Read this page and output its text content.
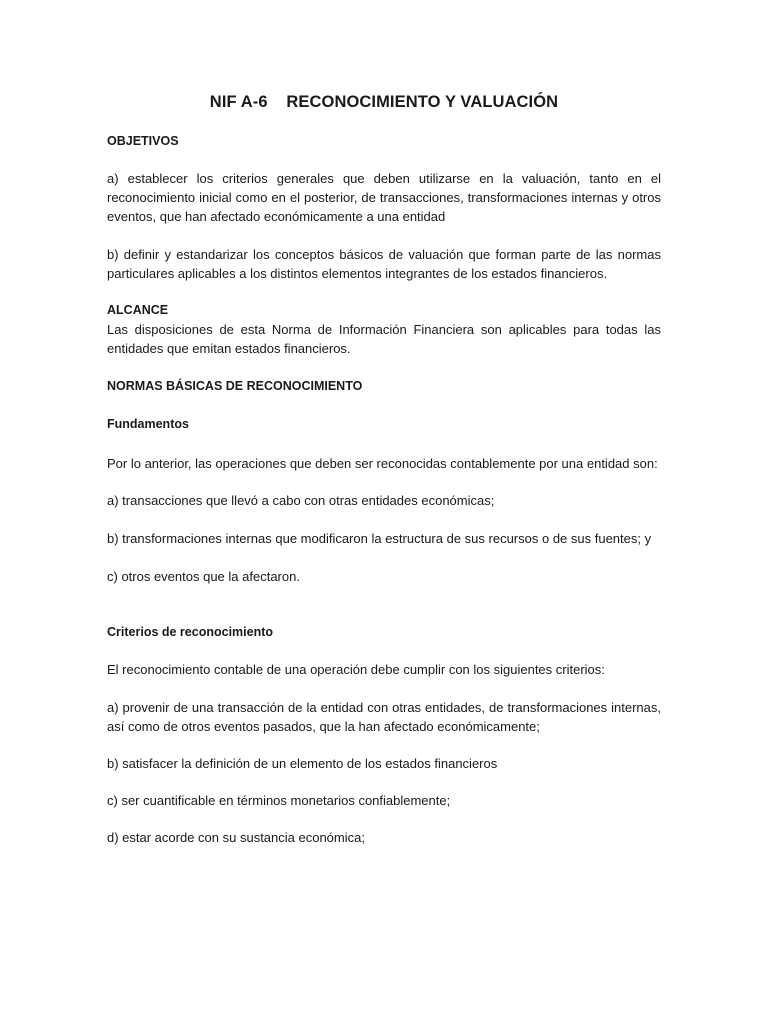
NIF A-6    RECONOCIMIENTO Y VALUACIÓN
OBJETIVOS
a) establecer los criterios generales que deben utilizarse en la valuación, tanto en el reconocimiento inicial como en el posterior, de transacciones, transformaciones internas y otros eventos, que han afectado económicamente a una entidad
b) definir y estandarizar los conceptos básicos de valuación que forman parte de las normas particulares aplicables a los distintos elementos integrantes de los estados financieros.
ALCANCE
Las disposiciones de esta Norma de Información Financiera son aplicables para todas las entidades que emitan estados financieros.
NORMAS BÁSICAS DE RECONOCIMIENTO
Fundamentos
Por lo anterior, las operaciones que deben ser reconocidas contablemente por una entidad son:
a) transacciones que llevó a cabo con otras entidades económicas;
b) transformaciones internas que modificaron la estructura de sus recursos o de sus fuentes; y
c) otros eventos que la afectaron.
Criterios de reconocimiento
El reconocimiento contable de una operación debe cumplir con los siguientes criterios:
a) provenir de una transacción de la entidad con otras entidades, de transformaciones internas, así como de otros eventos pasados, que la han afectado económicamente;
b) satisfacer la definición de un elemento de los estados financieros
c) ser cuantificable en términos monetarios confiablemente;
d) estar acorde con su sustancia económica;
